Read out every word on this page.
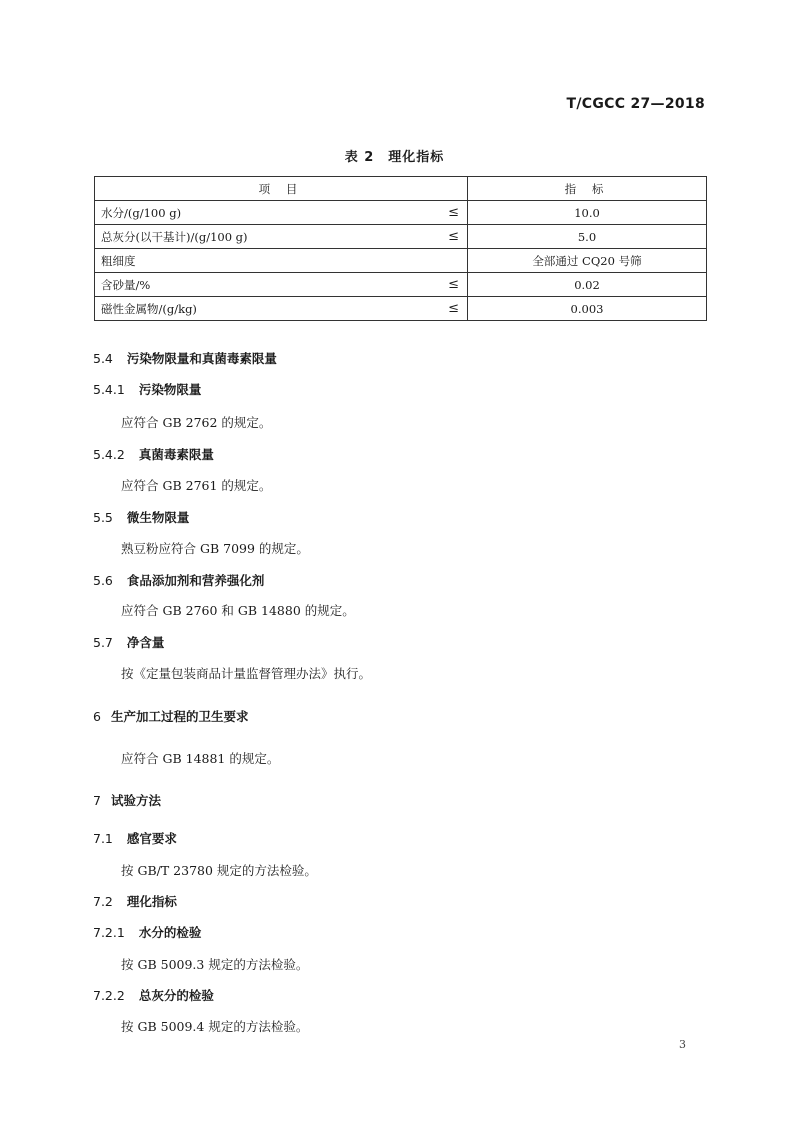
T/CGCC 27—2018
表 2　理化指标
项 目	指 标

水分/(g/100 g) ≤	10.0

总灰分(以干基计)/(g/100 g) ≤	5.0

粗细度	全部通过 CQ20 号筛

含砂量/% ≤	0.02

磁性金属物/(g/kg) ≤	0.003
5.4 污染物限量和真菌毒素限量
5.4.1 污染物限量
应符合 GB 2762 的规定。
5.4.2 真菌毒素限量
应符合 GB 2761 的规定。
5.5 微生物限量
熟豆粉应符合 GB 7099 的规定。
5.6 食品添加剂和营养强化剂
应符合 GB 2760 和 GB 14880 的规定。
5.7 净含量
按《定量包装商品计量监督管理办法》执行。
6 生产加工过程的卫生要求
应符合 GB 14881 的规定。
7 试验方法
7.1 感官要求
按 GB/T 23780 规定的方法检验。
7.2 理化指标
7.2.1 水分的检验
按 GB 5009.3 规定的方法检验。
7.2.2 总灰分的检验
按 GB 5009.4 规定的方法检验。
3
